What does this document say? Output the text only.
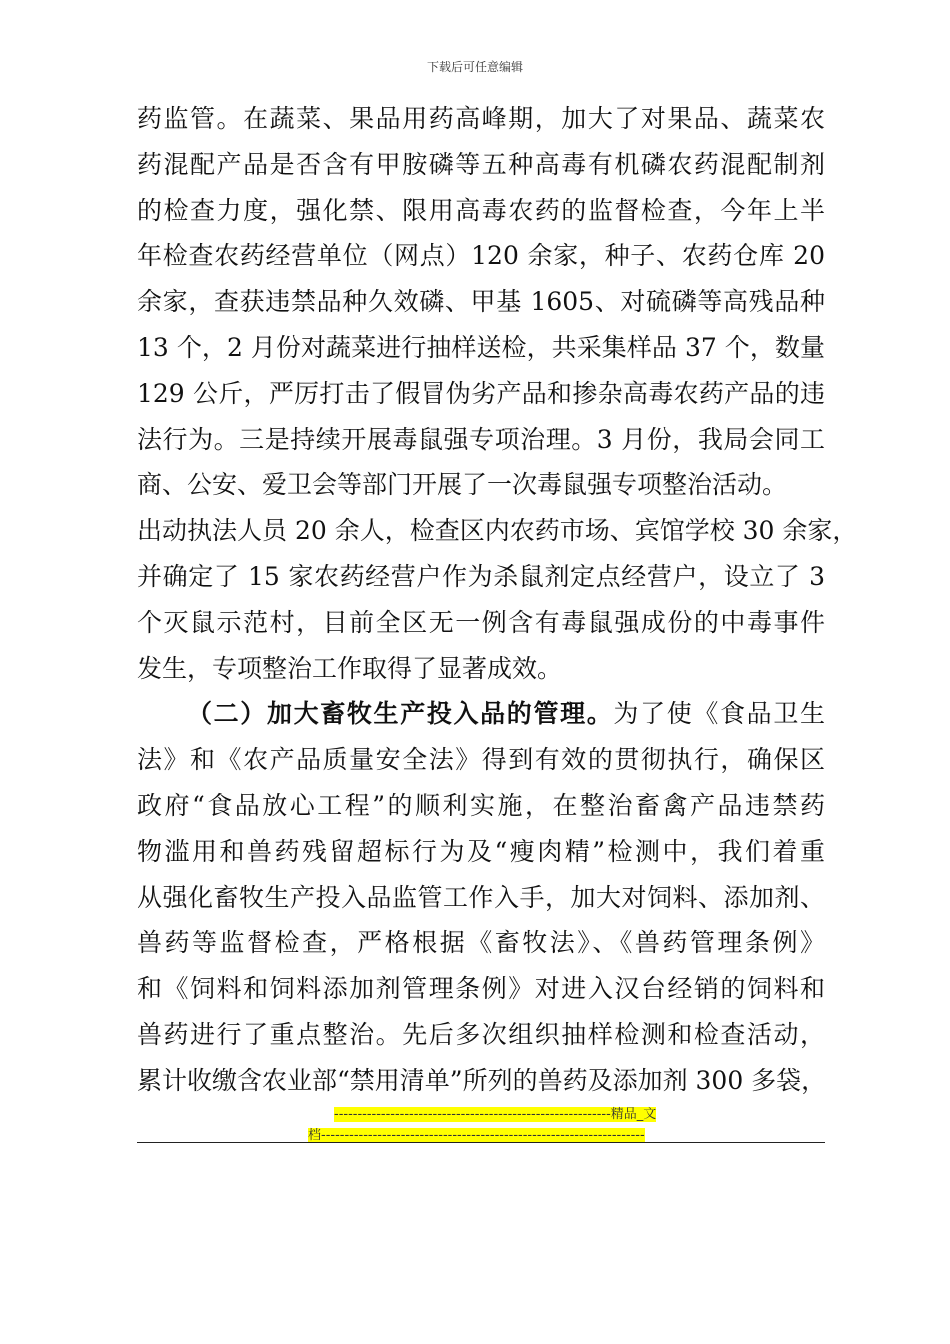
下载后可任意编辑
药监管。在蔬菜、果品用药高峰期，加大了对果品、蔬菜农
药混配产品是否含有甲胺磷等五种高毒有机磷农药混配制剂
的检查力度，强化禁、限用高毒农药的监督检查，今年上半
年检查农药经营单位（网点）120 余家，种子、农药仓库 20
余家，查获违禁品种久效磷、甲基 1605、对硫磷等高残品种
13 个，2 月份对蔬菜进行抽样送检，共采集样品 37 个，数量
129 公斤，严厉打击了假冒伪劣产品和掺杂高毒农药产品的违
法行为。三是持续开展毒鼠强专项治理。3 月份，我局会同工
商、公安、爱卫会等部门开展了一次毒鼠强专项整治活动。
出动执法人员 20 余人，检查区内农药市场、宾馆学校 30 余家，
并确定了 15 家农药经营户作为杀鼠剂定点经营户，设立了 3
个灭鼠示范村，目前全区无一例含有毒鼠强成份的中毒事件
发生，专项整治工作取得了显著成效。
（二）加大畜牧生产投入品的管理。为了使《食品卫生
法》和《农产品质量安全法》得到有效的贯彻执行，确保区
政府“食品放心工程”的顺利实施，在整治畜禽产品违禁药
物滥用和兽药残留超标行为及“瘦肉精”检测中，我们着重
从强化畜牧生产投入品监管工作入手，加大对饲料、添加剂、
兽药等监督检查，严格根据《畜牧法》、《兽药管理条例》
和《饲料和饲料添加剂管理条例》对进入汉台经销的饲料和
兽药进行了重点整治。先后多次组织抽样检测和检查活动，
累计收缴含农业部“禁用清单”所列的兽药及添加剂 300 多袋，
-----------------------------------------------------------精品_文
档---------------------------------------------------------------------
